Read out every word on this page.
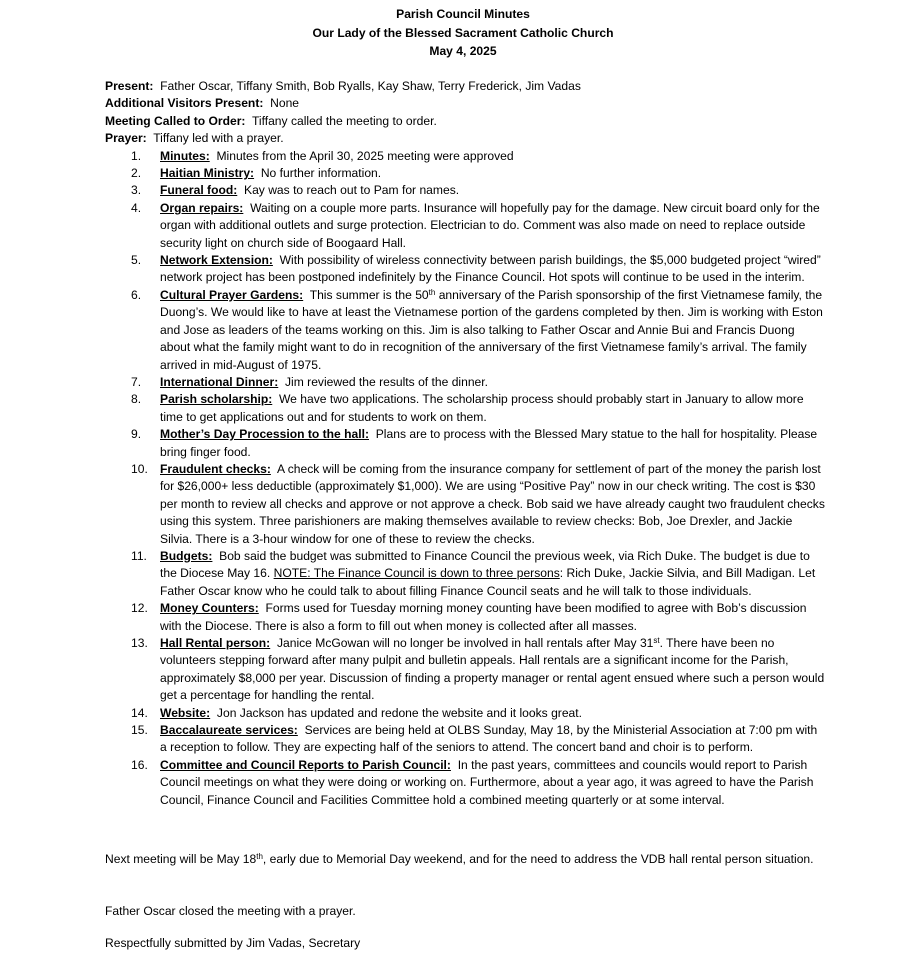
Parish Council Minutes
Our Lady of the Blessed Sacrament Catholic Church
May 4, 2025
Present: Father Oscar, Tiffany Smith, Bob Ryalls, Kay Shaw, Terry Frederick, Jim Vadas
Additional Visitors Present: None
Meeting Called to Order: Tiffany called the meeting to order.
Prayer: Tiffany led with a prayer.
1. Minutes: Minutes from the April 30, 2025 meeting were approved
2. Haitian Ministry: No further information.
3. Funeral food: Kay was to reach out to Pam for names.
4. Organ repairs: Waiting on a couple more parts. Insurance will hopefully pay for the damage. New circuit board only for the organ with additional outlets and surge protection. Electrician to do. Comment was also made on need to replace outside security light on church side of Boogaard Hall.
5. Network Extension: With possibility of wireless connectivity between parish buildings, the $5,000 budgeted project “wired” network project has been postponed indefinitely by the Finance Council. Hot spots will continue to be used in the interim.
6. Cultural Prayer Gardens: This summer is the 50th anniversary of the Parish sponsorship of the first Vietnamese family, the Duong’s. We would like to have at least the Vietnamese portion of the gardens completed by then. Jim is working with Eston and Jose as leaders of the teams working on this. Jim is also talking to Father Oscar and Annie Bui and Francis Duong about what the family might want to do in recognition of the anniversary of the first Vietnamese family’s arrival. The family arrived in mid-August of 1975.
7. International Dinner: Jim reviewed the results of the dinner.
8. Parish scholarship: We have two applications. The scholarship process should probably start in January to allow more time to get applications out and for students to work on them.
9. Mother’s Day Procession to the hall: Plans are to process with the Blessed Mary statue to the hall for hospitality. Please bring finger food.
10. Fraudulent checks: A check will be coming from the insurance company for settlement of part of the money the parish lost for $26,000+ less deductible (approximately $1,000). We are using “Positive Pay” now in our check writing. The cost is $30 per month to review all checks and approve or not approve a check. Bob said we have already caught two fraudulent checks using this system. Three parishioners are making themselves available to review checks: Bob, Joe Drexler, and Jackie Silvia. There is a 3-hour window for one of these to review the checks.
11. Budgets: Bob said the budget was submitted to Finance Council the previous week, via Rich Duke. The budget is due to the Diocese May 16. NOTE: The Finance Council is down to three persons: Rich Duke, Jackie Silvia, and Bill Madigan. Let Father Oscar know who he could talk to about filling Finance Council seats and he will talk to those individuals.
12. Money Counters: Forms used for Tuesday morning money counting have been modified to agree with Bob’s discussion with the Diocese. There is also a form to fill out when money is collected after all masses.
13. Hall Rental person: Janice McGowan will no longer be involved in hall rentals after May 31st. There have been no volunteers stepping forward after many pulpit and bulletin appeals. Hall rentals are a significant income for the Parish, approximately $8,000 per year. Discussion of finding a property manager or rental agent ensued where such a person would get a percentage for handling the rental.
14. Website: Jon Jackson has updated and redone the website and it looks great.
15. Baccalaureate services: Services are being held at OLBS Sunday, May 18, by the Ministerial Association at 7:00 pm with a reception to follow. They are expecting half of the seniors to attend. The concert band and choir is to perform.
16. Committee and Council Reports to Parish Council: In the past years, committees and councils would report to Parish Council meetings on what they were doing or working on. Furthermore, about a year ago, it was agreed to have the Parish Council, Finance Council and Facilities Committee hold a combined meeting quarterly or at some interval.
Next meeting will be May 18th, early due to Memorial Day weekend, and for the need to address the VDB hall rental person situation.
Father Oscar closed the meeting with a prayer.
Respectfully submitted by Jim Vadas, Secretary
